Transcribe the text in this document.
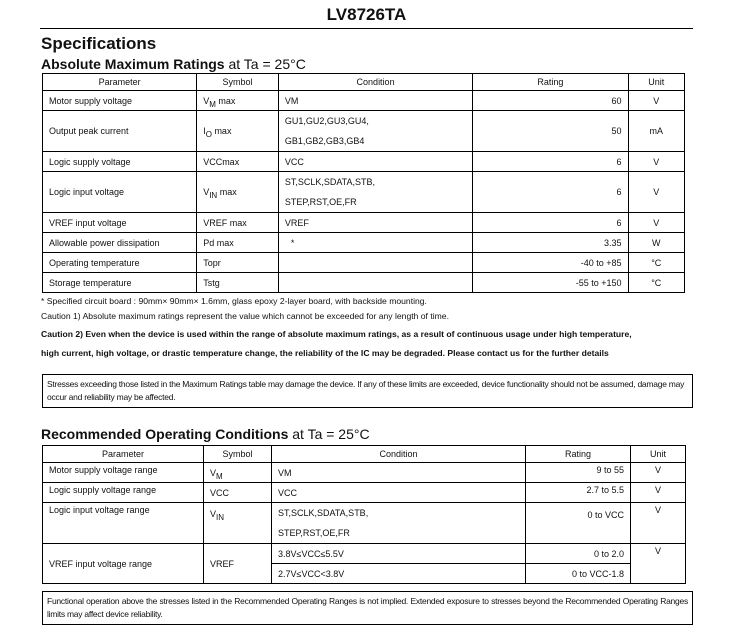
LV8726TA
Specifications
Absolute Maximum Ratings at Ta = 25°C
Parameter	Symbol	Condition	Rating	Unit
Motor supply voltage	$V_M$ max	VM	60	V
Output peak current	$I_O$ max	GU1,GU2,GU3,GU4,
GB1,GB2,GB3,GB4	50	mA
Logic supply voltage	VCCmax	VCC	6	V
Logic input voltage	$V_{IN}$ max	ST,SCLK,SDATA,STB,
STEP,RST,OE,FR	6	V
VREF input voltage	VREF max	VREF	6	V
Allowable power dissipation	Pd max	*	3.35	W
Operating temperature	Topr		-40 to +85	°C
Storage temperature	Tstg		-55 to +150	°C
* Specified circuit board : 90mm× 90mm× 1.6mm, glass epoxy 2-layer board, with backside mounting.
Caution 1) Absolute maximum ratings represent the value which cannot be exceeded for any length of time.
Caution 2) Even when the device is used within the range of absolute maximum ratings, as a result of continuous usage under high temperature,
high current, high voltage, or drastic temperature change, the reliability of the IC may be degraded. Please contact us for the further details
Stresses exceeding those listed in the Maximum Ratings table may damage the device. If any of these limits are exceeded, device functionality should not be assumed, damage may occur and reliability may be affected.
Recommended Operating Conditions at Ta = 25°C
Parameter	Symbol	Condition	Rating	Unit
Motor supply voltage range	$V_M$	VM	9 to 55	V
Logic supply voltage range	VCC	VCC	2.7 to 5.5	V
Logic input voltage range	$V_{IN}$	ST,SCLK,SDATA,STB,
STEP,RST,OE,FR	0 to VCC	V
VREF input voltage range	VREF	3.8V≤VCC≤5.5V	0 to 2.0	V
		2.7V≤VCC<3.8V	0 to VCC-1.8	
Functional operation above the stresses listed in the Recommended Operating Ranges is not implied. Extended exposure to stresses beyond the Recommended Operating Ranges limits may affect device reliability.
